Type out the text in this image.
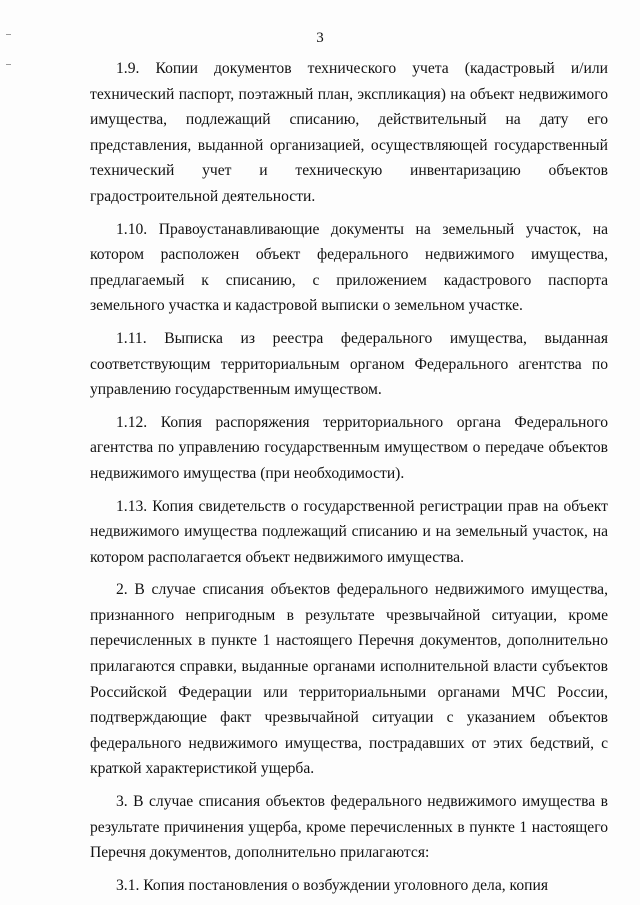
3

1.9. Копии документов технического учета (кадастровый и/или технический паспорт, поэтажный план, экспликация) на объект недвижимого имущества, подлежащий списанию, действительный на дату его представления, выданной организацией, осуществляющей государственный технический учет и техническую инвентаризацию объектов градостроительной деятельности.

1.10. Правоустанавливающие документы на земельный участок, на котором расположен объект федерального недвижимого имущества, предлагаемый к списанию, с приложением кадастрового паспорта земельного участка и кадастровой выписки о земельном участке.

1.11. Выписка из реестра федерального имущества, выданная соответствующим территориальным органом Федерального агентства по управлению государственным имуществом.

1.12. Копия распоряжения территориального органа Федерального агентства по управлению государственным имуществом о передаче объектов недвижимого имущества (при необходимости).

1.13. Копия свидетельств о государственной регистрации прав на объект недвижимого имущества подлежащий списанию и на земельный участок, на котором располагается объект недвижимого имущества.

2. В случае списания объектов федерального недвижимого имущества, признанного непригодным в результате чрезвычайной ситуации, кроме перечисленных в пункте 1 настоящего Перечня документов, дополнительно прилагаются справки, выданные органами исполнительной власти субъектов Российской Федерации или территориальными органами МЧС России, подтверждающие факт чрезвычайной ситуации с указанием объектов федерального недвижимого имущества, пострадавших от этих бедствий, с краткой характеристикой ущерба.

3. В случае списания объектов федерального недвижимого имущества в результате причинения ущерба, кроме перечисленных в пункте 1 настоящего Перечня документов, дополнительно прилагаются:

3.1. Копия постановления о возбуждении уголовного дела, копия
